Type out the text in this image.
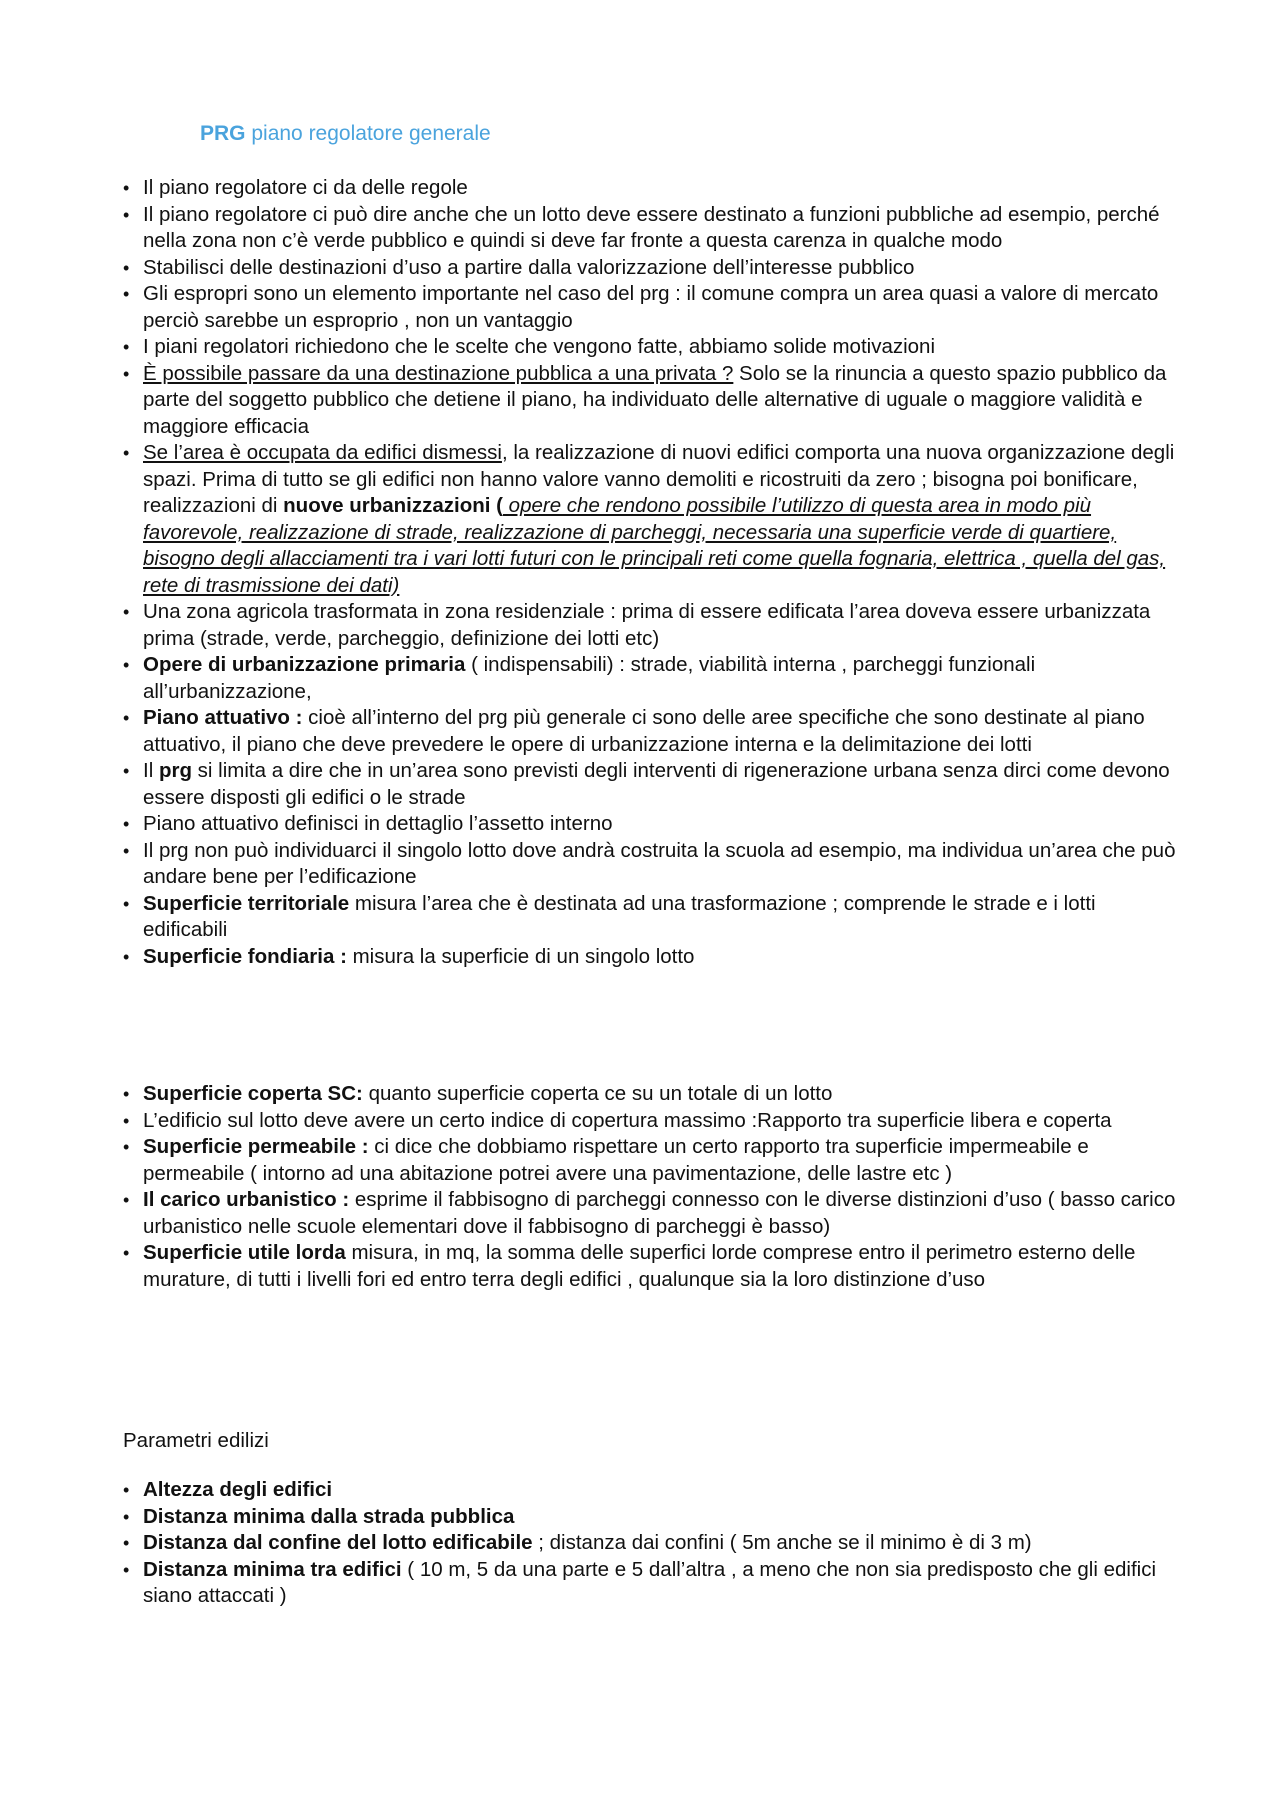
PRG piano regolatore generale
• Il piano regolatore ci da delle regole
• Il piano regolatore ci può dire anche che un lotto deve essere destinato a funzioni pubbliche ad esempio, perché nella zona non c’è verde pubblico e quindi si deve far fronte a questa carenza in qualche modo
• Stabilisci delle destinazioni d’uso a partire dalla valorizzazione dell’interesse pubblico
• Gli espropri sono un elemento importante nel caso del prg : il comune compra un area quasi a valore di mercato perciò sarebbe un esproprio , non un vantaggio
• I piani regolatori richiedono che le scelte che vengono fatte, abbiamo solide motivazioni
• È possibile passare da una destinazione pubblica a una privata ? Solo se la rinuncia a questo spazio pubblico da parte del soggetto pubblico che detiene il piano, ha individuato delle alternative di uguale o maggiore validità e maggiore efficacia
• Se l’area è occupata da edifici dismessi, la realizzazione di nuovi edifici comporta una nuova organizzazione degli spazi. Prima di tutto se gli edifici non hanno valore vanno demoliti e ricostruiti da zero ; bisogna poi bonificare, realizzazioni di nuove urbanizzazioni ( opere che rendono possibile l’utilizzo di questa area in modo più favorevole, realizzazione di strade, realizzazione di parcheggi, necessaria una superficie verde di quartiere, bisogno degli allacciamenti tra i vari lotti futuri con le principali reti come quella fognaria, elettrica , quella del gas, rete di trasmissione dei dati)
• Una zona agricola trasformata in zona residenziale : prima di essere edificata l’area doveva essere urbanizzata prima (strade, verde, parcheggio, definizione dei lotti etc)
• Opere di urbanizzazione primaria ( indispensabili) : strade, viabilità interna , parcheggi funzionali all’urbanizzazione,
• Piano attuativo : cioè all’interno del prg più generale ci sono delle aree specifiche che sono destinate al piano attuativo, il piano che deve prevedere le opere di urbanizzazione interna e la delimitazione dei lotti
• Il prg si limita a dire che in un’area sono previsti degli interventi di rigenerazione urbana senza dirci come devono essere disposti gli edifici o le strade
• Piano attuativo definisci in dettaglio l’assetto interno
• Il prg non può individuarci il singolo lotto dove andrà costruita la scuola ad esempio, ma individua un’area che può andare bene per l’edificazione
• Superficie territoriale misura l’area che è destinata ad una trasformazione ; comprende le strade e i lotti edificabili
• Superficie fondiaria : misura la superficie di un singolo lotto
• Superficie coperta SC: quanto superficie coperta ce su un totale di un lotto
• L’edificio sul lotto deve avere un certo indice di copertura massimo :Rapporto tra superficie libera e coperta
• Superficie permeabile : ci dice che dobbiamo rispettare un certo rapporto tra superficie impermeabile e permeabile ( intorno ad una abitazione potrei avere una pavimentazione, delle lastre etc )
• Il carico urbanistico : esprime il fabbisogno di parcheggi connesso con le diverse distinzioni d’uso ( basso carico urbanistico nelle scuole elementari dove il fabbisogno di parcheggi è basso)
• Superficie utile lorda misura, in mq, la somma delle superfici lorde comprese entro il perimetro esterno delle murature, di tutti i livelli fori ed entro terra degli edifici , qualunque sia la loro distinzione d’uso
Parametri edilizi
• Altezza degli edifici
• Distanza minima dalla strada pubblica
• Distanza dal confine del lotto edificabile ; distanza dai confini ( 5m anche se il minimo è di 3 m)
• Distanza minima tra edifici ( 10 m, 5 da una parte e 5 dall’altra , a meno che non sia predisposto che gli edifici siano attaccati )
